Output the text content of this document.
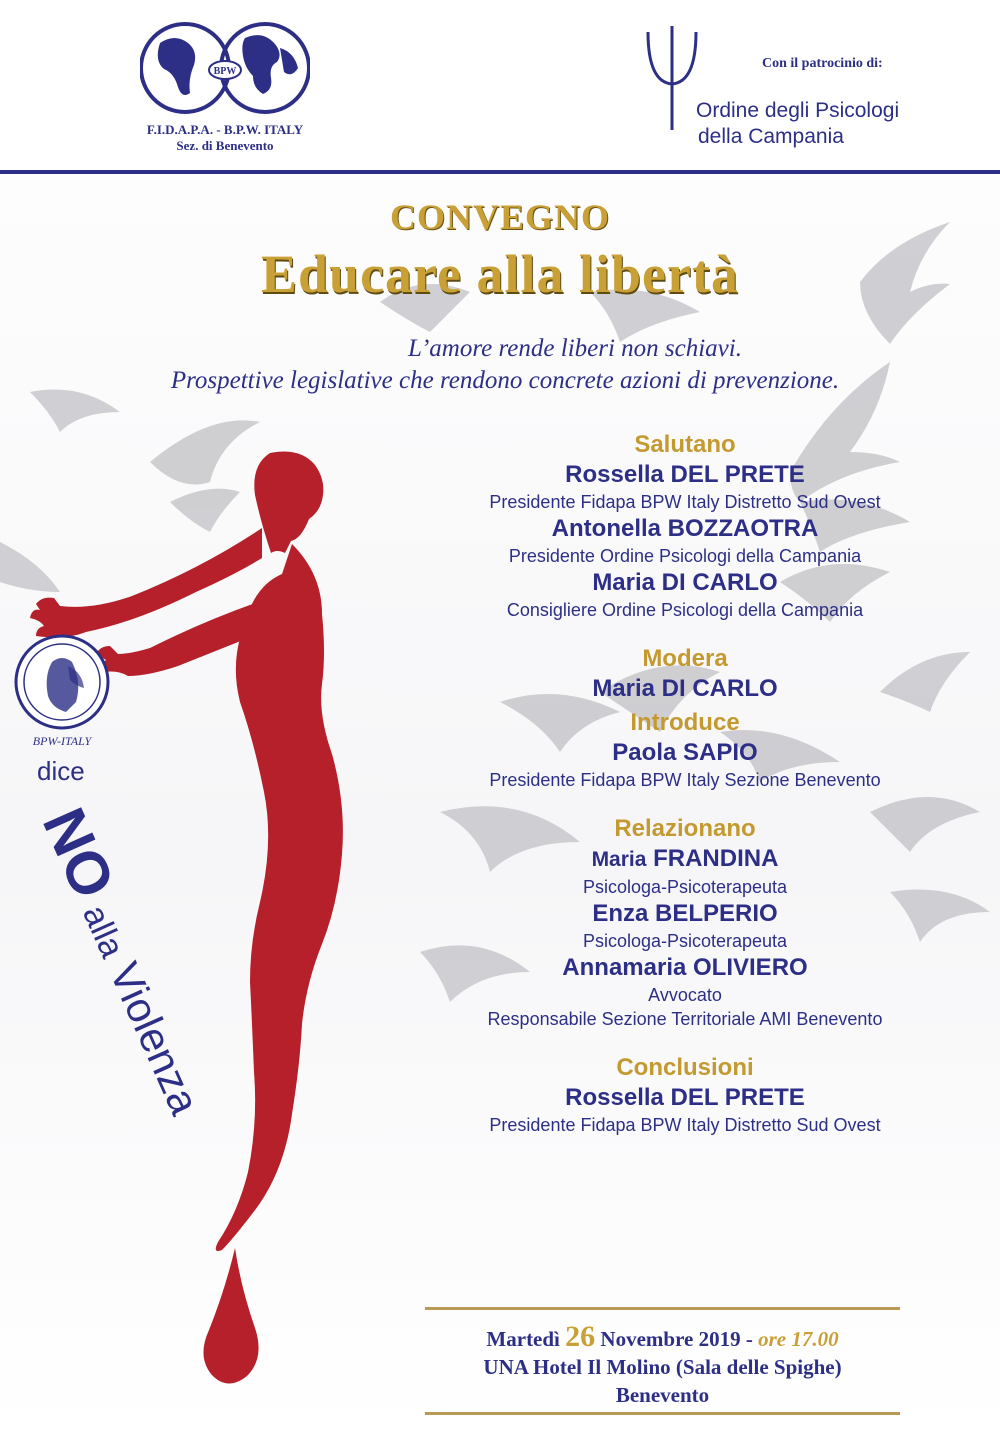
BPW
F.I.D.A.P.A. - B.P.W. ITALY
Sez. di Benevento
Con il patrocinio di:
Ordine degli Psicologi
della Campania
CONVEGNO
Educare alla libertà
L’amore rende liberi non schiavi.
Prospettive legislative che rendono concrete azioni di prevenzione.
BPW-ITALY
dice
NOallaViolenza
Salutano
Rossella DEL PRETE
Presidente Fidapa BPW Italy Distretto Sud Ovest
Antonella BOZZAOTRA
Presidente Ordine Psicologi della Campania
Maria DI CARLO
Consigliere Ordine Psicologi della Campania
Modera
Maria DI CARLO
Introduce
Paola SAPIO
Presidente Fidapa BPW Italy Sezione Benevento
Relazionano
Maria FRANDINA
Psicologa-Psicoterapeuta
Enza BELPERIO
Psicologa-Psicoterapeuta
Annamaria OLIVIERO
Avvocato
Responsabile Sezione Territoriale AMI Benevento
Conclusioni
Rossella DEL PRETE
Presidente Fidapa BPW Italy Distretto Sud Ovest
Martedì 26 Novembre 2019 - ore 17.00
UNA Hotel Il Molino (Sala delle Spighe)
Benevento
